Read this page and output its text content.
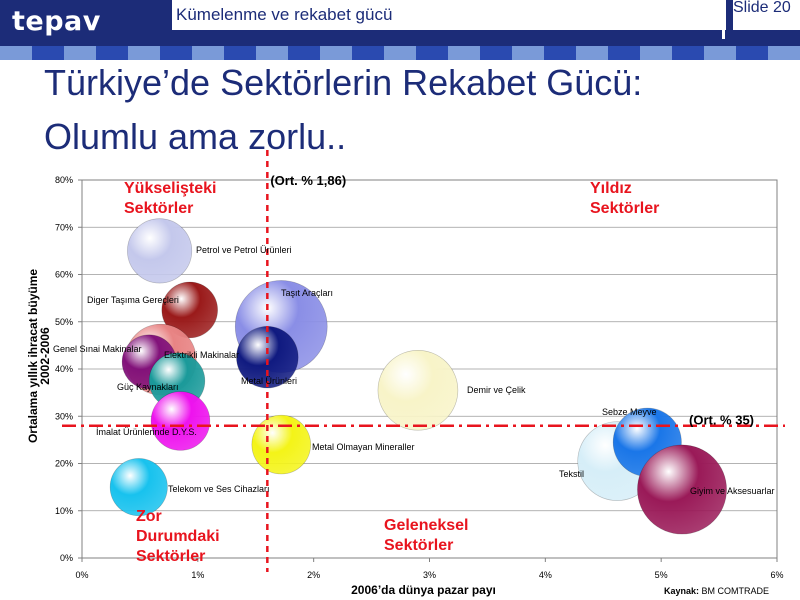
tepav	Kümelenme ve rekabet gücü	Slide 20
Türkiye’de Sektörlerin Rekabet Gücü:
Olumlu ama zorlu..
0%
10%
20%
30%
40%
50%
60%
70%
80%
0%	1%	2%	3%	4%	5%	6%
(Ort. % 1,86)
(Ort. % 35)
Petrol ve Petrol Ürünleri
Diger Taşıma Gereçleri
Taşıt Araçları
Genel Sınai Makinalar
Elektrikli Makinalar
Metal Ürünleri
Güç Kaynakları	Demir ve Çelik
İmalat Ürünlerinde D.Y.S.
Metal Olmayan Mineraller
Telekom ve Ses Cihazları
Tekstil
Sebze Meyve
Giyim ve Aksesuarlar
Yükselişteki
Sektörler
Yıldız
Sektörler
Zor
Durumdaki
Sektörler
Geleneksel
Sektörler
2006’da dünya pazar payı
Ortalama yıllık ihracat büyüme
2002-2006
Kaynak: BM COMTRADE
